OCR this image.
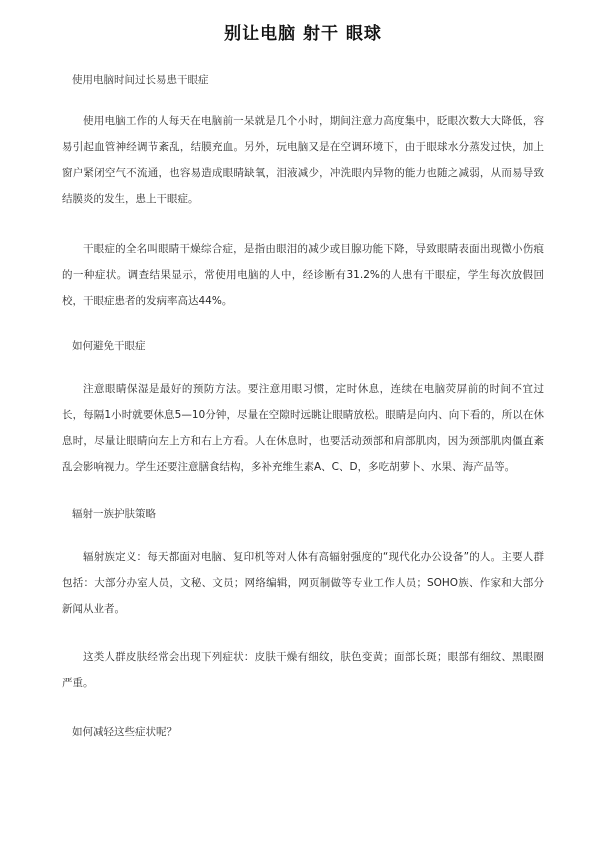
别让电脑 射干 眼球

使用电脑时间过长易患干眼症

使用电脑工作的人每天在电脑前一呆就是几个小时，期间注意力高度集中，眨眼次数大大降低，容易引起血管神经调节紊乱，结膜充血。另外，玩电脑又是在空调环境下，由于眼球水分蒸发过快，加上窗户紧闭空气不流通，也容易造成眼睛缺氧，泪液减少，冲洗眼内异物的能力也随之减弱，从而易导致结膜炎的发生，患上干眼症。

干眼症的全名叫眼睛干燥综合症，是指由眼泪的减少或目腺功能下降，导致眼睛表面出现微小伤痕的一种症状。调查结果显示，常使用电脑的人中，经诊断有31.2%的人患有干眼症，学生每次放假回校，干眼症患者的发病率高达44%。

如何避免干眼症

注意眼睛保湿是最好的预防方法。要注意用眼习惯，定时休息，连续在电脑荧屏前的时间不宜过长，每隔1小时就要休息5—10分钟，尽量在空隙时远眺让眼睛放松。眼睛是向内、向下看的，所以在休息时，尽量让眼睛向左上方和右上方看。人在休息时，也要活动颈部和肩部肌肉，因为颈部肌肉僵直紊乱会影响视力。学生还要注意膳食结构，多补充维生素A、C、D，多吃胡萝卜、水果、海产品等。

辐射一族护肤策略

辐射族定义：每天都面对电脑、复印机等对人体有高辐射强度的“现代化办公设备”的人。主要人群包括：大部分办室人员，文秘、文员；网络编辑，网页制做等专业工作人员；SOHO族、作家和大部分新闻从业者。

这类人群皮肤经常会出现下列症状：皮肤干燥有细纹，肤色变黄；面部长斑；眼部有细纹、黑眼圈严重。

如何减轻这些症状呢？
